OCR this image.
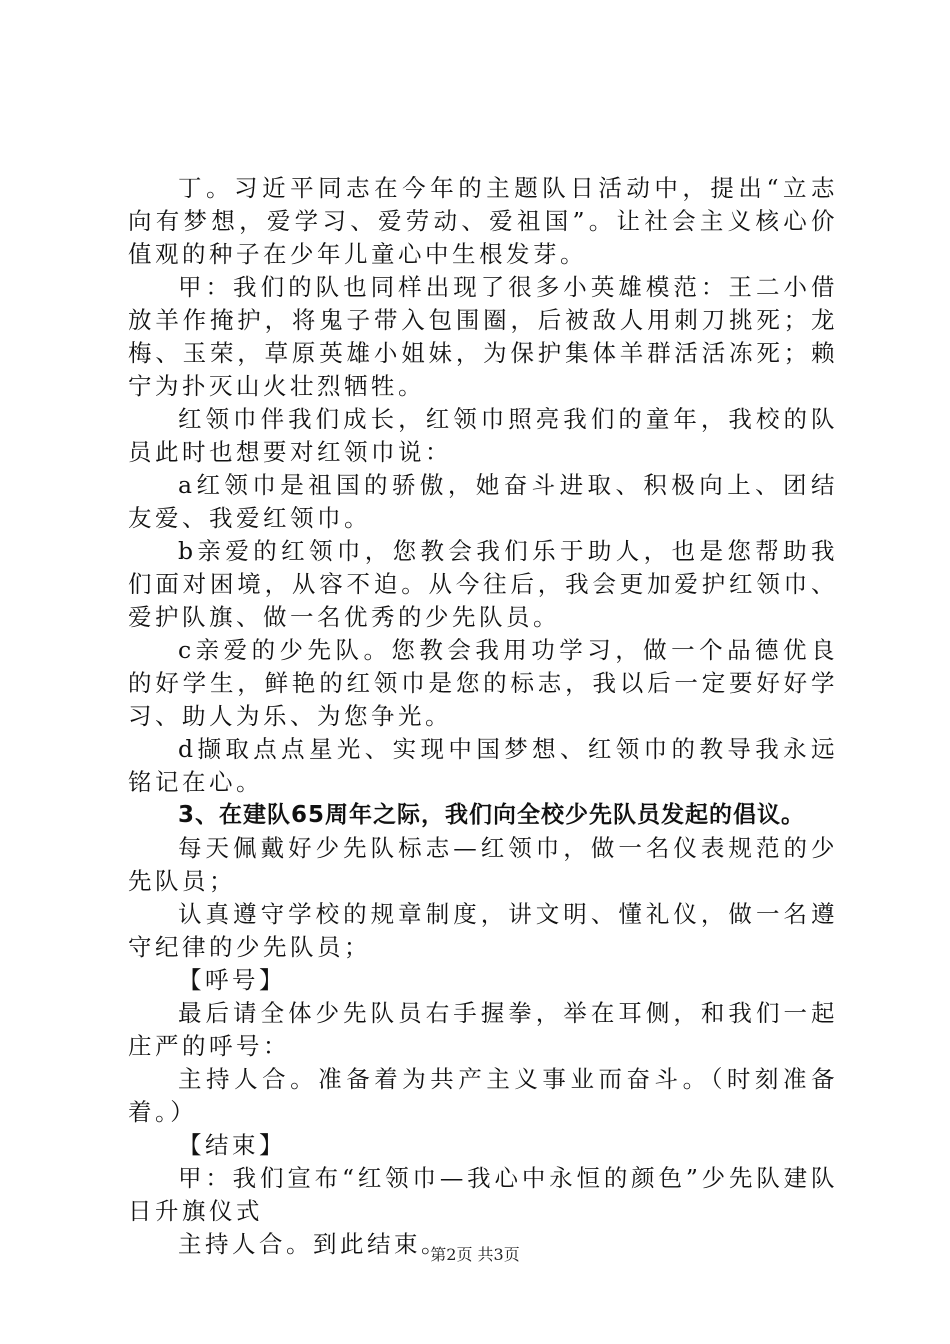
丁。习近平同志在今年的主题队日活动中，提出“立志向有梦想，爱学习、爱劳动、爱祖国”。让社会主义核心价值观的种子在少年儿童心中生根发芽。

甲：我们的队也同样出现了很多小英雄模范：王二小借放羊作掩护，将鬼子带入包围圈，后被敌人用刺刀挑死；龙梅、玉荣，草原英雄小姐妹，为保护集体羊群活活冻死；赖宁为扑灭山火壮烈牺牲。

红领巾伴我们成长，红领巾照亮我们的童年，我校的队员此时也想要对红领巾说：

a红领巾是祖国的骄傲，她奋斗进取、积极向上、团结友爱、我爱红领巾。

b亲爱的红领巾，您教会我们乐于助人，也是您帮助我们面对困境，从容不迫。从今往后，我会更加爱护红领巾、爱护队旗、做一名优秀的少先队员。

c亲爱的少先队。您教会我用功学习，做一个品德优良的好学生，鲜艳的红领巾是您的标志，我以后一定要好好学习、助人为乐、为您争光。

d撷取点点星光、实现中国梦想、红领巾的教导我永远铭记在心。

3、在建队65周年之际，我们向全校少先队员发起的倡议。

每天佩戴好少先队标志—红领巾，做一名仪表规范的少先队员；

认真遵守学校的规章制度，讲文明、懂礼仪，做一名遵守纪律的少先队员；

【呼号】

最后请全体少先队员右手握拳，举在耳侧，和我们一起庄严的呼号：

主持人合。准备着为共产主义事业而奋斗。（时刻准备着。）

【结束】

甲：我们宣布“红领巾—我心中永恒的颜色”少先队建队日升旗仪式

主持人合。到此结束。

第2页 共3页
